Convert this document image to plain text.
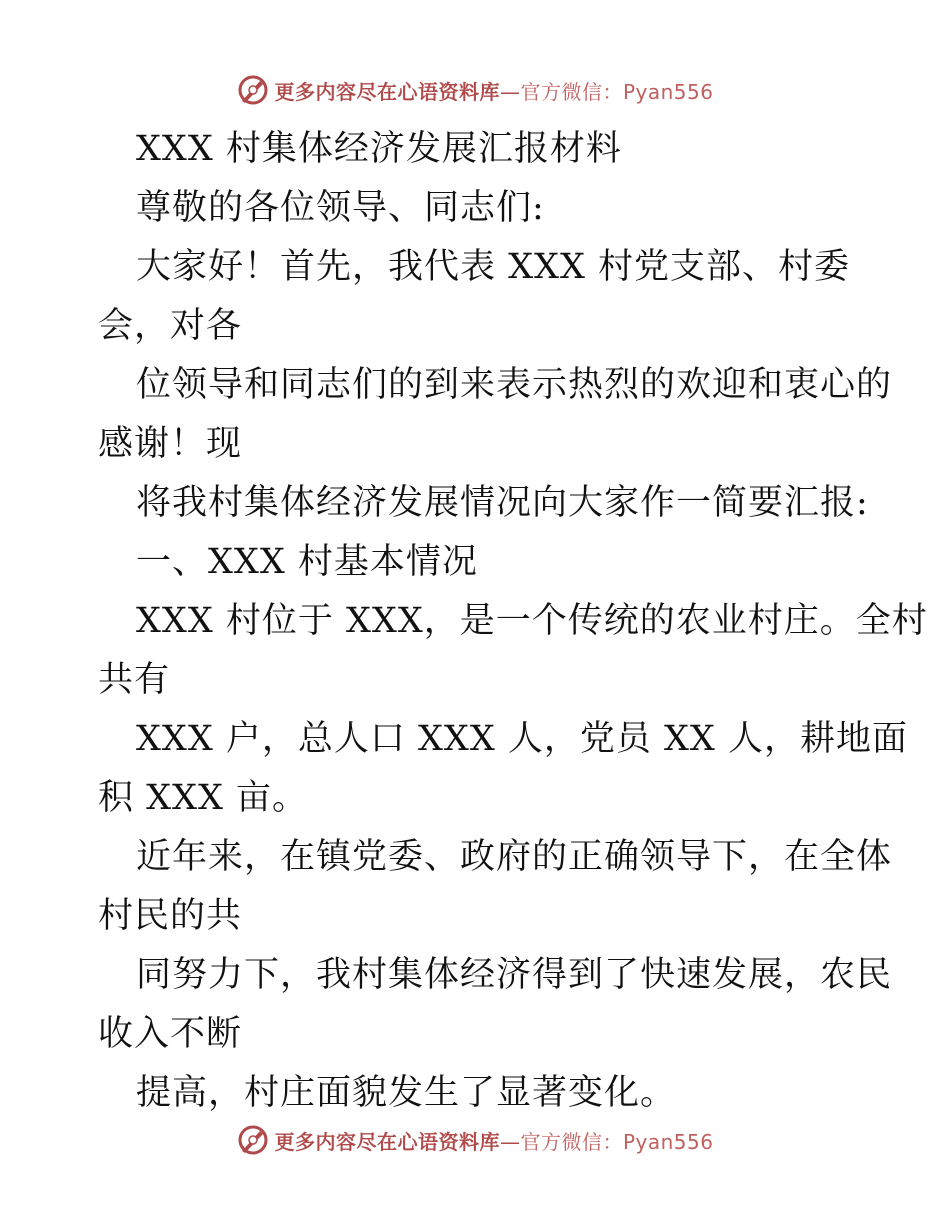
更多内容尽在心语资料库—官方微信：Pyan556

XXX 村集体经济发展汇报材料

尊敬的各位领导、同志们:

大家好！首先，我代表 XXX 村党支部、村委

会，对各

位领导和同志们的到来表示热烈的欢迎和衷心的

感谢！现

将我村集体经济发展情况向大家作一简要汇报:

一、XXX 村基本情况

XXX 村位于 XXX，是一个传统的农业村庄。全村

共有

XXX 户，总人口 XXX 人，党员 XX 人，耕地面

积 XXX 亩。

近年来，在镇党委、政府的正确领导下，在全体

村民的共

同努力下，我村集体经济得到了快速发展，农民

收入不断

提高，村庄面貌发生了显著变化。

更多内容尽在心语资料库—官方微信：Pyan556
